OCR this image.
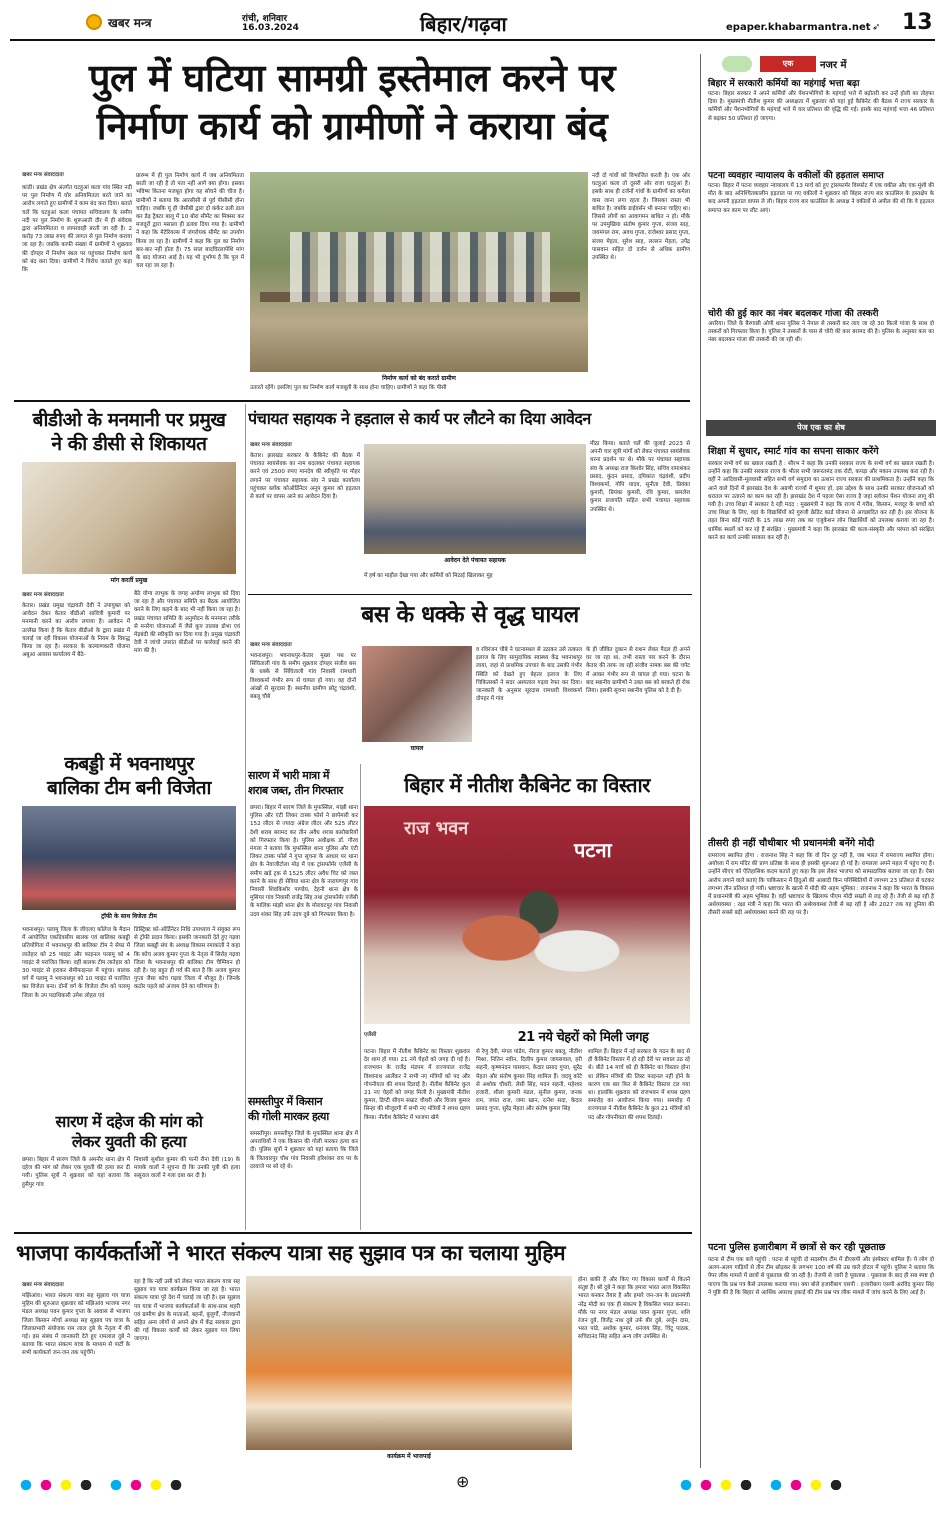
खबर मन्त्र	रांची, शनिवार
16.03.2024	बिहार/गढ़वा	epaper.khabarmantra.net ➶ 13
पुल में घटिया सामग्री इस्तेमाल करने पर
निर्माण कार्य को ग्रामीणों ने कराया बंद
खबर मन्त्र संवाददाता
कांडी। प्रखंड क्षेत्र अंतर्गत घटहुआं कला गांव स्थित नदी पर पुल निर्माण में घोर अनियमितता बरते जाने का आरोप लगाते हुए ग्रामीणों ने काम बंद करा दिया। बताते चलें कि घटहुआं कला पंचायत सचिवालय के समीप नदी पर पुल निर्माण के शुरूआती दौर में ही संवेदक द्वारा अनियमितता व लापरवाही बरती जा रही है। 2 करोड़ 73 लाख रुपए की लागत से पुल निर्माण कराया जा रहा है। जबकि काफी संख्या में ग्रामीणों ने शुक्रवार की दोपहर में निर्माण स्थल पर पहुंचकर निर्माण कार्य को बंद करा दिया। ग्रामीणों ने विरोध जताते हुए कहा कि
प्रारम्भ में ही पुल निर्माण कार्य में जब अनियमितता बरती जा रही है तो पता नहीं आगे क्या होगा। इसका भविष्य कितना मजबूत होगा यह सोचने की चीज है। ग्रामीणों ने बताया कि आरसीसी से पूर्व पीसीसी होना चाहिए। जबकि यूं ही जेसीबी द्वारा दो कंकेट ढली डाल कर डेढ़ ट्रैक्टर बालू में 10 बोरा सीमेंट का मिक्सर कर मजदूरों द्वारा मसाला ही डलवा दिया गया है। ग्रामीणों ने कहा कि मेटेरियल्स में जंगरोयक सीमेंट का उपयोग किया जा रहा है। ग्रामीणों ने कहा कि पुल का निर्माण बार-बार नहीं होता है। 75 साल बादघिरलापेशि मांग के बाद योजना आई है। यह भी दुर्भाग्य है कि पुल में चल रहा जा रहा है।
निर्माण कार्य को बंद कराते ग्रामीण
नदी दो गांवों को विभाजित करती है। एक ओर घटहुआं कला तो दूसरी ओर राजा घटहुआं है। इसके साथ ही दर्जनों गांवों के ग्रामीणों का कमेला वास जाना लगा रहता है। जिसका रास्ता भी बाधित है। जबकि डाईवर्सन भी बनाना चाहिए था। जिससे लोगों का आवागमन बाधित न हो। मौके पर उपमुखिया संतोष कुमार गुप्ता, संजय साह, जयमंगल राम, अवध गुप्ता, राजेश्वर प्रसाद गुप्ता, संजय मेहता, सुरेश साह, लल्लन मेहता, उपेंद्र पासवान सहित दो दर्जन से अधिक ग्रामीण उपस्थित थे।
उतारते रहेंगे। इसलिए पुल का निर्माण कार्य मजबूती के साथ होना चाहिए। ग्रामीणों ने कहा कि पीसी
बीडीओ के मनमानी पर प्रमुख
ने की डीसी से शिकायत
मांग करतीं प्रमुख
खबर मन्त्र संवाददाता
केतार। प्रखंड प्रमुख चंद्रावती देवी ने उपायुक्त को आवेदन देकर केतार बीडीओ सावित्री कुमारी पर मनमानी करने का आरोप लगाया है। आवेदन में उल्लेख किया है कि केतार बीडीओ के द्वारा प्रखंड में चलाई जा रही विकास योजनाओं के नियम के विरुद्ध किया जा रहा है। सरकार के कल्याणकारी योजना अबुआ आवास कार्यालय में बैठे-
बैठे योग्य लाभुक के जगह अयोग्य लाभुक को दिया जा रहा है और पंचायत समिति का बैठक आयोजित करने के लिए कहने के बाद भी नहीं किया जा रहा है। प्रखंड पंचायत समिति के अनुमोदन के मनमाना तरीके से मनरेगा योजनाओं में जैसे कूप तालाब डोभा एवं मेड़बंदी की स्वीकृति कर दिया गया है। प्रमुख चंद्रावती देवी ने जांचो उपरांत बीडीओ पर कार्रवाई करने की मांग की है।
कबड्डी में भवनाथपुर
बालिका टीम बनी विजेता
ट्रॉफी के साथ विजेता टीम
भवनाथपुर। पलामू जिला के जीएलए कॉलेज के मैदान में आयोजित एकदिवसीय बालक एवं बालिका कबड्डी प्रतियोगिता में भवनाथपुर की बालिका टीम ने सेफा में लातेहार को 25 प्वाइंट और फाइनल पलामू को 4 प्वाइंट से पराजित किया। वहीं बालक टीम लातेहार को 30 प्वाइंट से हराकर सेमीफाइनल में पहुंचा। बालक वर्ग में पलामू ने भवनाथपुर को 10 प्वाइंट से पराजित कर विजेता बना। दोनों वर्ग के विजेता टीम को पलामू जिला के उप पदाधिकारी उमेश लोहरा एवं
डिस्ट्रिक्ट को-ऑर्डिनेटर निधि उपाध्याय ने संयुक्त रूप से ट्रॉफी प्रदान किया। इसकी जानकारी देते हुए गढ़वा जिला कबड्डी संघ के अध्यक्ष विकास रमाकांती ने कहा कि कोच अजय कुमार गुप्ता के नेतृत्व में सिरोह गढ़वा जिला के भवनाथपुर की बालिका टीम चैम्पियन हो रही है। यह बहुत ही गर्व की बात है कि अजय कुमार गुप्ता जैसा कोच गढ़वा जिला में मौजूद है। जिनके कठोर पहले को अंजाम देने का परिणाम है।
सारण में दहेज की मांग को
लेकर युवती की हत्या
छपरा। बिहार में सारण जिले के अमनौर थाना क्षेत्र में दहेज की मांग को लेकर एक युवती की हत्या कर दी गयी। पुलिस सूत्रों ने शुक्रवार को यहां बताया कि हुसैपुर गांव
निवासी सुशील कुमार की पत्नी रीना देवी (19) के मायके वालों ने सूचना दी कि उनकी पुत्री की हत्या ससुराल वालों ने गला दबा कर दी है।
पंचायत सहायक ने हड़ताल से कार्य पर लौटने का दिया आवेदन
खबर मन्त्र संवाददाता
केतार। झारखंड सरकार के कैबिनेट की बैठक में पंचायत स्वयंसेवक का नाम बदलकर पंचायत सहायक करने एवं 2500 रुपए मानदेय की स्वीकृति पर मोहर लगाने पर पंचायत सहायक संघ ने प्रखंड कार्यालय पहुंचकर ब्लॉक कोऑर्डिनेटर अनूप कुमार को हड़ताल से कार्य पर वापस आने का आवेदन दिया है।
आवेदन देते पंचायत सहायक
मीठा किया। बताते चलें की जुलाई 2023 से अपनी चार सूत्री मांगों को लेकर पंचायत स्वयंसेवक धरना प्रदर्शन पर थे। मौके पर पंचायत सहायक संघ के अध्यक्ष राज किशोर सिंह, सचिव रामाशंकर प्रसाद, कुंदन प्रसाद, दयिकांत चंद्रवंशी, प्रदीप विश्वकर्मा, गोपि यादव, सुनीता देवी, प्रियंका कुमारी, प्रियंका कुमारी, रवि कुमार, कमलेश कुमार प्रजापति सहित सभी पंचायत सहायक उपस्थित थे।
में हर्ष का माहौल देखा गया और कर्मियों को मिठाई खिलाकर मुंह
बस के धक्के से वृद्ध घायल
खबर मन्त्र संवाददाता
भवनाथपुर। भवनाथपुर-केतार मुख्य पथ पर सिंघिताली गांव के समीप शुक्रवार दोपहर संजीव बस के धक्के से सिंघिताली गांव निवासी रामधारी विश्वकर्मा गंभीर रूप से घायल हो गया। वह दोनों आंखों से सूरदास हैं। स्थानीय ग्रामीण छोटू चंद्रवंशी, बबलू चौबे
घायल
व रविरंजन चौबे ने घटनास्थल से उठाकर उसे तत्काल इलाज के लिए सामुदायिक स्वास्थ्य केंद्र भवनाथपुर लाया, जहां से प्राथमिक उपचार के बाद उसकी गंभीर स्थिति को देखते हुए बेहतर इलाज के लिए चिकित्सकों ने सदर अस्पताल गढ़वा रेफर कर दिया। जानकारी के अनुसार सूरदास रामधारी विश्वकर्मा दोपहर में गांव
के ही जीवित दुकान से राशन लेकर पैदल ही अपने घर जा रहा था, तभी रास्ता पार करने के दौरान केतार की तरफ जा रही संजीव नामक बस की चपेट में आकर गंभीर रूप से घायल हो गया। घटना के बाद स्थानीय ग्रामीणों ने उक्त बस को बरकते ही रोक लिया। इसकी सूचना स्थानीय पुलिस को दे दी है।
सारण में भारी मात्रा में
शराब जब्त, तीन गिरफ्तार
छपरा। बिहार में सारण जिले के मुफस्सिल, मांझी थाना पुलिस और एंटी लिकर टास्क फोर्स ने छापेमारी कर 152 लीटर से ज्यादा अंग्रेज लीटर और 525 लीटर देशी शराब बरामद कर तीन अवैध शराब कारोबारियों को गिरफ्तार किया है। पुलिस अधीक्षक डॉ. गौरव मंगला ने बताया कि मुफस्सिल थाना पुलिस और एंटी लिकर टास्क फोर्स ने गुप्त सूचना के आधार पर थाना क्षेत्र के नेवाजीटोला मोड़ में एक ट्रांसफॉर्मर एजेंसी के समीप खड़े ट्रक से 1525 लीटर अवैध चिट को जब्त करने के साथ ही सेविया थाना क्षेत्र के नारायणपुर गांव निवासी शिवकिशोर पाण्डेय, देहनी थाना क्षेत्र के मुसियर गांव निवासी राजेंद्र सिंह तथा ट्रांसफॉर्मर एजेंसी के मालिक मांझी थाना क्षेत्र के मोरावटपुर गांव निवासी उदय शंकर सिंह उर्फ उदय दूबे को गिरफ्तार किया है।
समस्तीपुर में किसान
की गोली मारकर हत्या
समस्तीपुर। समस्तीपुर जिले के मुफस्सिल थाना क्षेत्र में अपराधियों ने एक किसान की गोली मारकर हत्या कर दी। पुलिस सूत्रों ने शुक्रवार को यहां बताया कि जिले के जितवारपुर चौथ गांव निवासी हरिशंकर राय पर के दरवाजे पर सो रहे थे।
बिहार में नीतीश कैबिनेट का विस्तार
राज भवन
पटना
एजेंसी	21 नये चेहरों को मिली जगह
पटना। बिहार में नीतीश कैबिनेट का विस्तार शुक्रवार देर शाम हो गया। 21 नये चेहरों को जगह दी गई है। राजभवन के राजेंद्र मंडपम में राज्यपाल राजेंद्र विश्वनाथ आर्लेकर ने सभी नए मंत्रियों को पद और गोपनीयता की शपथ दिलाई है। नीतीश कैबिनेट कुल 21 नए चेहरों को जगह मिली है। मुख्यमंत्री नीतीश कुमार, डिप्टी सीएम सम्राट चौधरी और विजय कुमार सिन्हा की मौजूदगी में सभी नए मंत्रियों ने शपथ ग्रहण किया। नीतीश कैबिनेट में भाजपा खेमे
से रेणु देवी, मंगल पांडेय, नीरज कुमार बबलू, नीतीश मिश्रा, नितिन नवीन, दिलीप कुमार जायसवाल, हरी सहनी, कृष्णनंदन पासवान, केदार प्रसाद गुप्ता, सुरेंद्र मेहता और संतोष कुमार सिंह शामिल हैं। जदयू कोटे से अशोक चौधरी, लेसी सिंह, मदन सहनी, महेश्वर हजारी, शीला कुमारी मंडल, सुनील कुमार, जनक राम, जयंत राज, जमा खान, रत्नेश सदा, केदार प्रसाद गुप्ता, सुरेंद्र मेहता और संतोष कुमार सिंह
शामिल हैं। बिहार में नई सरकार के गठन के बाद से ही कैबिनेट विस्तार में हो रही देरी पर सवाल उठ रहे थे। बीते 14 मार्च को ही कैबिनेट का विस्तार होना था लेकिन मंत्रियों की लिस्ट फाइनल नहीं होने के कारण एक बार फिर से कैबिनेट विस्तार टल गया था। हालांकि शुक्रवार को राजभवन में शपथ ग्रहण समारोह का आयोजन किया गया। समारोह में राज्यपाल ने नीतीश कैबिनेट के कुल 21 मंत्रियों को पद और गोपनीयता की शपथ दिलाई।
भाजपा कार्यकर्ताओं ने भारत संकल्प यात्रा सह सुझाव पत्र का चलाया मुहिम
खबर मन्त्र संवाददाता
मझिआंव। भारत संकल्प यात्रा सह सुझाव पत्र यात्रा मुहिम की शुरुआत शुक्रवार को मझिआंव भाजपा नगर मंडल अध्यक्ष पवन कुमार गुप्ता के आवास से भाजपा जिला किसान मोर्चा अध्यक्ष सह सुझाव पत्र यात्रा के जिलाप्रभारी संयोजक राम लाल दुबे के नेतृत्व में की गई। इस संबंध में जानकारी देते हुए रामलाल दुबे ने बताया कि भारत संकल्प यात्रा के माध्यम से पार्टी के सभी कार्यकर्ता जन-जन तक पहुंचेंगे।
रहा है कि नहीं उसी को लेकर भारत संकल्प यात्रा सह सुझाव पत्र यात्रा कार्यक्रम किया जा रहा है। भारत संकल्प यात्रा पूरे देश में चलाई जा रही है। इस सुझाव पत्र यात्रा में भाजपा कार्यकर्ताओं के साथ-साथ शहरी एवं ग्रामीण क्षेत्र के माताओं, बहनों, बुजुर्गों, नौजवानों सहित अन्य लोगों से अपने क्षेत्र में केंद्र सरकार द्वारा की गई विकास कार्यों को लेकर सुझाव पत्र लिया जाएगा।
कार्यक्रम में भाजपाई
होना बाकी है और किए गए विकास कार्यों से कितने संतुष्ट हैं। श्री दुबे ने कहा कि हमारा भारत आज विकसित भारत बनकर तैयार है और हमारे जन-जन के प्रधानमंत्री नरेंद्र मोदी का एक ही संकल्प है विकसित भारत बनाना। मौके पर नगर मंडल अध्यक्ष पवन कुमार गुप्ता, शशि रंजन दुबे, विजेंद्र नाथ दुबे उर्फ बीर दुबे, अर्जुन दास, भरत पांडे, अशोक कुमार, धनंजय सिंह, चिंटू पाठक, सचिदानंद सिंह सहित अन्य लोग उपस्थित थे।
एक	नजर में
बिहार में सरकारी कर्मियों का महंगाई भत्ता बढ़ा
पटना। बिहार सरकार ने अपने कर्मियों और पेंशनभोगियों के महंगाई भत्ते में बढ़ोतरी कर उन्हें होली का तोहफा दिया है। मुख्यमंत्री नीतीश कुमार की अध्यक्षता में शुक्रवार को यहां हुई कैबिनेट की बैठक में राज्य सरकार के कर्मियों और पेंशनभोगियों के महंगाई भत्ते में चार प्रतिशत की वृद्धि की गई। इसके बाद महंगाई भत्ता 46 प्रतिशत से बढ़कर 50 प्रतिशत हो जाएगा।
पटना व्यवहार न्यायालय के वकीलों की हड़ताल समाप्त
पटना। बिहार में पटना व्यवहार न्यायालय में 13 मार्च को हुए ट्रांसफार्मर विस्फोट में एक वकील और एक मुंशी की मौत के बाद अनिश्चितकालीन हड़ताल पर गए वकीलों ने शुक्रवार को बिहार राज्य बार काउंसिल के हस्तक्षेप के बाद अपनी हड़ताल वापस ले ली। बिहार राज्य बार काउंसिल के अध्यक्ष ने वकीलों से अपील की थी कि वे हड़ताल समाप्त कर काम पर लौट आएं।
चोरी की हुई कार का नंबर बदलकर गांजा की तस्करी
अररिया। जिले के बैरगाछी ओपी थाना पुलिस ने नेपाल से तस्करी कर लाए जा रहे 30 किलो गांजा के साथ दो तस्करों को गिरफ्तार किया है। पुलिस ने तस्करों के पास से चोरी की कार बरामद की है। पुलिस के अनुसार कार का नंबर बदलकर गांजा की तस्करी की जा रही थी।
पेज एक का शेष
शिक्षा में सुधार, स्मार्ट गांव का सपना साकार करेंगे
सरकार सभी वर्ग का ख्याल रखती है : सौरभ ने कहा कि उनकी सरकार राज्य के सभी वर्ग का ख्याल रखती है। उन्होंने कहा कि उनकी सरकार राज्य के भीतर सभी जरूरतमंद तक रोटी, कपड़ा और मकान उपलब्ध करा रही है। वहीं ने आदिवासी-मूलवासी सहित सभी वर्ग समुदाय का उत्थान राज्य सरकार की प्राथमिकता है। उन्होंने कहा कि आने वाले दिनों में झारखंड देश के अग्रणी राज्यों में शुमार हो, इस उद्देश्य के साथ उनकी सरकार योजनाओं को धरातल पर उतारने का काम कर रही है। झारखंड देश में पहला ऐसा राज्य है जहां सर्वजन पेंशन योजना लागू की गयी है। उच्च शिक्षा में सरकार दे रही मदद : मुख्यमंत्री ने कहा कि राज्य में गरीब, किसान, मजदूर के बच्चों को उच्च शिक्षा के लिए, वहां के विद्यार्थियों को गुरुजी क्रेडिट कार्ड योजना से आच्छादित कर रही है। इस योजना के तहत बिना कोई गारंटी के 15 लाख रुपए तक का एजुकेशन लोन विद्यार्थियों को उपलब्ध कराया जा रहा है। धार्मिक स्थलों को कर रहे हैं संरक्षित : मुख्यमंत्री ने कहा कि झारखंड की कला-संस्कृति और परंपरा को संरक्षित करने का कार्य उनकी सरकार कर रही है।
तीसरी ही नहीं चौथीबार भी प्रधानमंत्री बनेंगे मोदी
रामराज्य स्थापित होगा : राजनाथ सिंह ने कहा कि वो दिन दूर नहीं है, जब भारत में रामराज्य स्थापित होगा। अयोध्या में राम मंदिर की प्राण प्रतिष्ठा के साथ ही इसकी शुरूआत हो गई है। रामलला अपने महल में पहुंच गए हैं। उन्होंने सीएए को ऐतिहासिक कदम बताते हुए कहा कि इस लेकर भाजपा को साम्प्रदायिक बताया जा रहा है। ऐसा आरोप लगाने वाले बताएं कि पाकिस्तान में हिंदुओं की आबादी किन परिस्थितियों में लगभग 23 प्रतिशत से घटकर लगभग तीन प्रतिशत हो गयी। भ्रष्टाचार के खात्मे में मोदी की अहम भूमिका : राजनाथ ने कहा कि भारत के विकास में प्रधानमंत्री की अहम भूमिका है। वहीं भ्रष्टाचार के खिलाफ पीएम मोदी सख्ती से लड़ रहे हैं। तेजी से बढ़ रही है अर्थव्यवस्था : रक्षा मंत्री ने कहा कि भारत की अर्थव्यवस्था तेजी से बढ़ रही है और 2027 तक यह दुनिया की तीसरी सबसे बड़ी अर्थव्यवस्था बनने की राह पर है।
पटना पुलिस हजारीबाग में छात्रों से कर रही पूछताछ
पटना से टीम एक बजे पहुंची : पटना से पहुंची दो सदस्यीय टीम में डीएसपी और इंस्पेक्टर शामिल हैं। ये लोग दो अलग-अलग गाड़ियों से तीन टीम छोड़कर के लगभग 100 वर्ष की उम्र वाले होटल में पहुंचे। पुलिस ने बताया कि पेपर लीक मामले में छात्रों से पूछताछ की जा रही है। तेजपी से जारी है पूछताछ : पूछताछ के बाद ही सब स्पष्ट हो पाएगा कि प्रश्न पत्र कैसे उपलब्ध कराया गया। क्या बोले हजारीबाग एसपी : हजारीबाग एसपी अरविंद कुमार सिंह ने पुष्टि की है कि बिहार से आर्थिक अपराध इकाई की टीम प्रश्न पत्र लीक मामले में जांच करने के लिए आई है।
⊕
